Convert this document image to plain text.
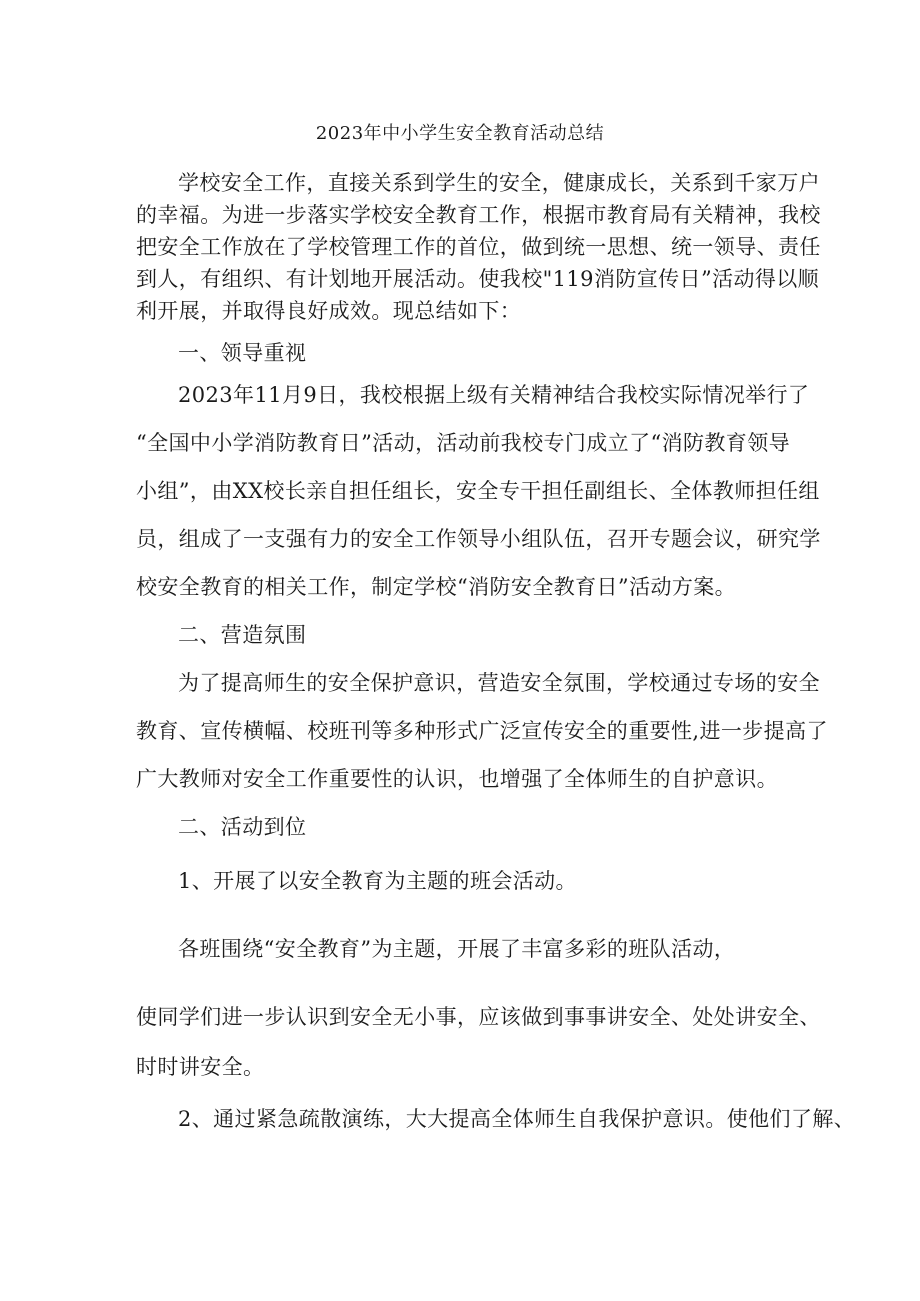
2023年中小学生安全教育活动总结
学校安全工作，直接关系到学生的安全，健康成长，关系到千家万户
的幸福。为进一步落实学校安全教育工作，根据市教育局有关精神，我校
把安全工作放在了学校管理工作的首位，做到统一思想、统一领导、责任
到人，有组织、有计划地开展活动。使我校"119消防宣传日”活动得以顺
利开展，并取得良好成效。现总结如下：
一、领导重视
2023年11月9日，我校根据上级有关精神结合我校实际情况举行了
“全国中小学消防教育日”活动，活动前我校专门成立了“消防教育领导
小组”，由XX校长亲自担任组长，安全专干担任副组长、全体教师担任组
员，组成了一支强有力的安全工作领导小组队伍，召开专题会议，研究学
校安全教育的相关工作，制定学校“消防安全教育日”活动方案。
二、营造氛围
为了提高师生的安全保护意识，营造安全氛围，学校通过专场的安全
教育、宣传横幅、校班刊等多种形式广泛宣传安全的重要性,进一步提高了
广大教师对安全工作重要性的认识，也增强了全体师生的自护意识。
二、活动到位
1、开展了以安全教育为主题的班会活动。
各班围绕“安全教育”为主题，开展了丰富多彩的班队活动，
使同学们进一步认识到安全无小事，应该做到事事讲安全、处处讲安全、
时时讲安全。
2、通过紧急疏散演练，大大提高全体师生自我保护意识。使他们了解、
